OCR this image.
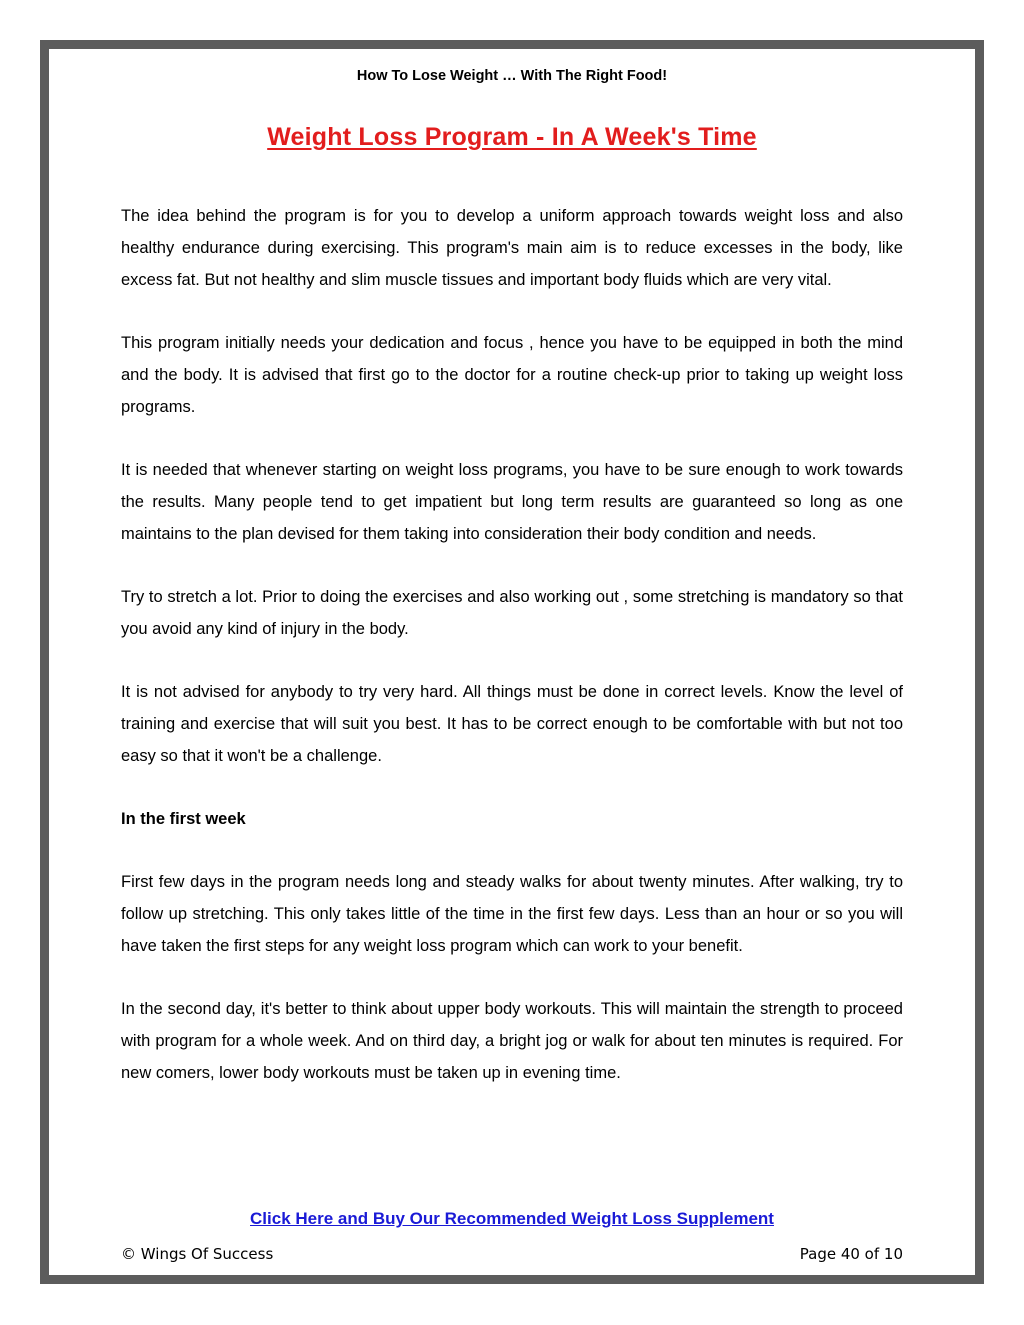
How To Lose Weight … With The Right Food!
Weight Loss Program - In A Week's Time

The idea behind the program is for you to develop a uniform approach towards weight loss and also healthy endurance during exercising. This program's main aim is to reduce excesses in the body, like excess fat. But not healthy and slim muscle tissues and important body fluids which are very vital.

This program initially needs your dedication and focus , hence you have to be equipped in both the mind and the body. It is advised that first go to the doctor for a routine check-up prior to taking up weight loss programs.

It is needed that whenever starting on weight loss programs, you have to be sure enough to work towards the results. Many people tend to get impatient but long term results are guaranteed so long as one maintains to the plan devised for them taking into consideration their body condition and needs.

Try to stretch a lot. Prior to doing the exercises and also working out , some stretching is mandatory so that you avoid any kind of injury in the body.

It is not advised for anybody to try very hard. All things must be done in correct levels. Know the level of training and exercise that will suit you best. It has to be correct enough to be comfortable with but not too easy so that it won't be a challenge.

In the first week

First few days in the program needs long and steady walks for about twenty minutes. After walking, try to follow up stretching. This only takes little of the time in the first few days. Less than an hour or so you will have taken the first steps for any weight loss program which can work to your benefit.

In the second day, it's better to think about upper body workouts. This will maintain the strength to proceed with program for a whole week. And on third day, a bright jog or walk for about ten minutes is required. For new comers, lower body workouts must be taken up in evening time.

Click Here and Buy Our Recommended Weight Loss Supplement
© Wings Of Success	Page 40 of 10
